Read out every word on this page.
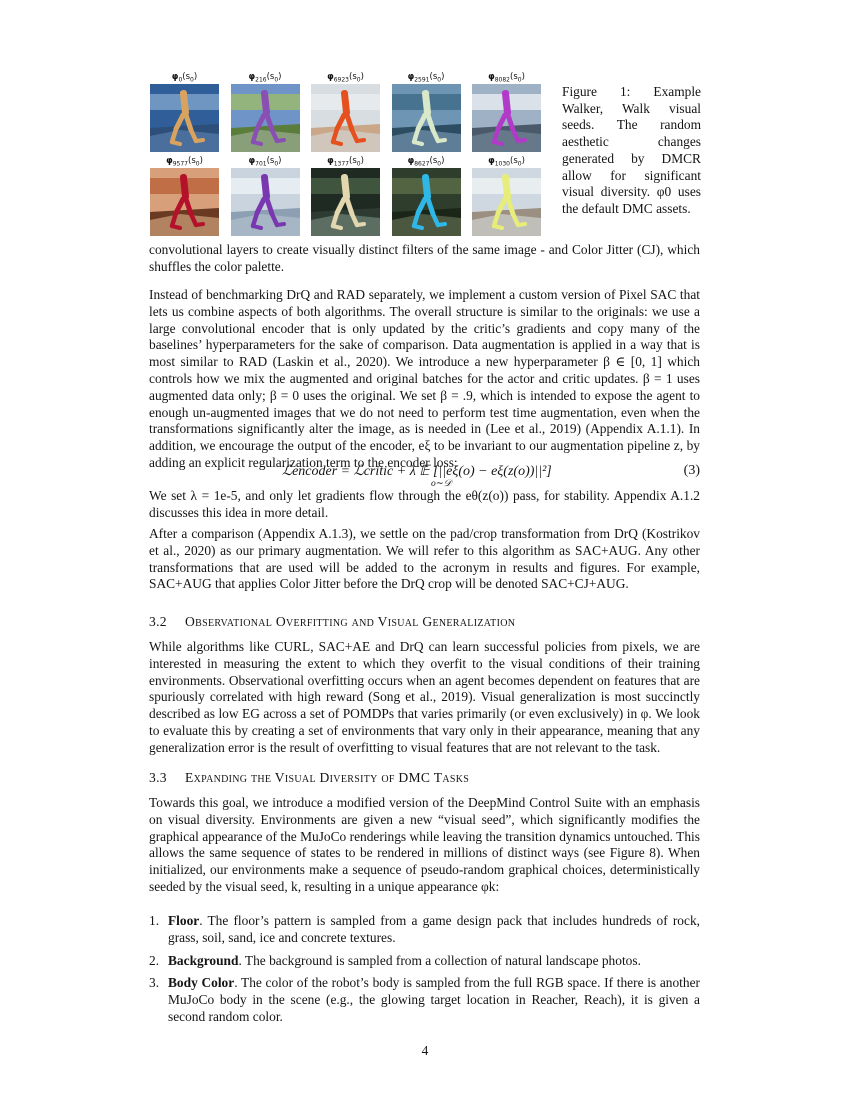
$\varphi_0(s_0)$	$\varphi_{216}(s_0)$	$\varphi_{6923}(s_0)$	$\varphi_{2591}(s_0)$	$\varphi_{8082}(s_0)$
$\varphi_{9577}(s_0)$	$\varphi_{701}(s_0)$	$\varphi_{1377}(s_0)$	$\varphi_{8627}(s_0)$	$\varphi_{1030}(s_0)$
Figure 1: Example Walker, Walk visual seeds. The random aesthetic changes generated by DMCR allow for significant visual diversity. φ0 uses the default DMC assets.

convolutional layers to create visually distinct filters of the same image - and Color Jitter (CJ), which shuffles the color palette.

Instead of benchmarking DrQ and RAD separately, we implement a custom version of Pixel SAC that lets us combine aspects of both algorithms. The overall structure is similar to the originals: we use a large convolutional encoder that is only updated by the critic’s gradients and copy many of the baselines’ hyperparameters for the sake of comparison. Data augmentation is applied in a way that is most similar to RAD (Laskin et al., 2020). We introduce a new hyperparameter β ∈ [0, 1] which controls how we mix the augmented and original batches for the actor and critic updates. β = 1 uses augmented data only; β = 0 uses the original. We set β = .9, which is intended to expose the agent to enough un-augmented images that we do not need to perform test time augmentation, even when the transformations significantly alter the image, as is needed in (Lee et al., 2019) (Appendix A.1.1). In addition, we encourage the output of the encoder, eξ to be invariant to our augmentation pipeline z, by adding an explicit regularization term to the encoder loss:

ℒencoder = ℒcritic + λ 𝔼 [||eξ(o) − eξ(z(o))||²]
o∼𝒟
(3)

We set λ = 1e-5, and only let gradients flow through the eθ(z(o)) pass, for stability. Appendix A.1.2 discusses this idea in more detail.

After a comparison (Appendix A.1.3), we settle on the pad/crop transformation from DrQ (Kostrikov et al., 2020) as our primary augmentation. We will refer to this algorithm as SAC+AUG. Any other transformations that are used will be added to the acronym in results and figures. For example, SAC+AUG that applies Color Jitter before the DrQ crop will be denoted SAC+CJ+AUG.

3.2 Observational Overfitting and Visual Generalization

While algorithms like CURL, SAC+AE and DrQ can learn successful policies from pixels, we are interested in measuring the extent to which they overfit to the visual conditions of their training environments. Observational overfitting occurs when an agent becomes dependent on features that are spuriously correlated with high reward (Song et al., 2019). Visual generalization is most succinctly described as low EG across a set of POMDPs that varies primarily (or even exclusively) in φ. We look to evaluate this by creating a set of environments that vary only in their appearance, meaning that any generalization error is the result of overfitting to visual features that are not relevant to the task.

3.3 Expanding the Visual Diversity of DMC Tasks

Towards this goal, we introduce a modified version of the DeepMind Control Suite with an emphasis on visual diversity. Environments are given a new “visual seed”, which significantly modifies the graphical appearance of the MuJoCo renderings while leaving the transition dynamics untouched. This allows the same sequence of states to be rendered in millions of distinct ways (see Figure 8). When initialized, our environments make a sequence of pseudo-random graphical choices, deterministically seeded by the visual seed, k, resulting in a unique appearance φk:

1. Floor. The floor’s pattern is sampled from a game design pack that includes hundreds of rock, grass, soil, sand, ice and concrete textures.
2. Background. The background is sampled from a collection of natural landscape photos.
3. Body Color. The color of the robot’s body is sampled from the full RGB space. If there is another MuJoCo body in the scene (e.g., the glowing target location in Reacher, Reach), it is given a second random color.
4
